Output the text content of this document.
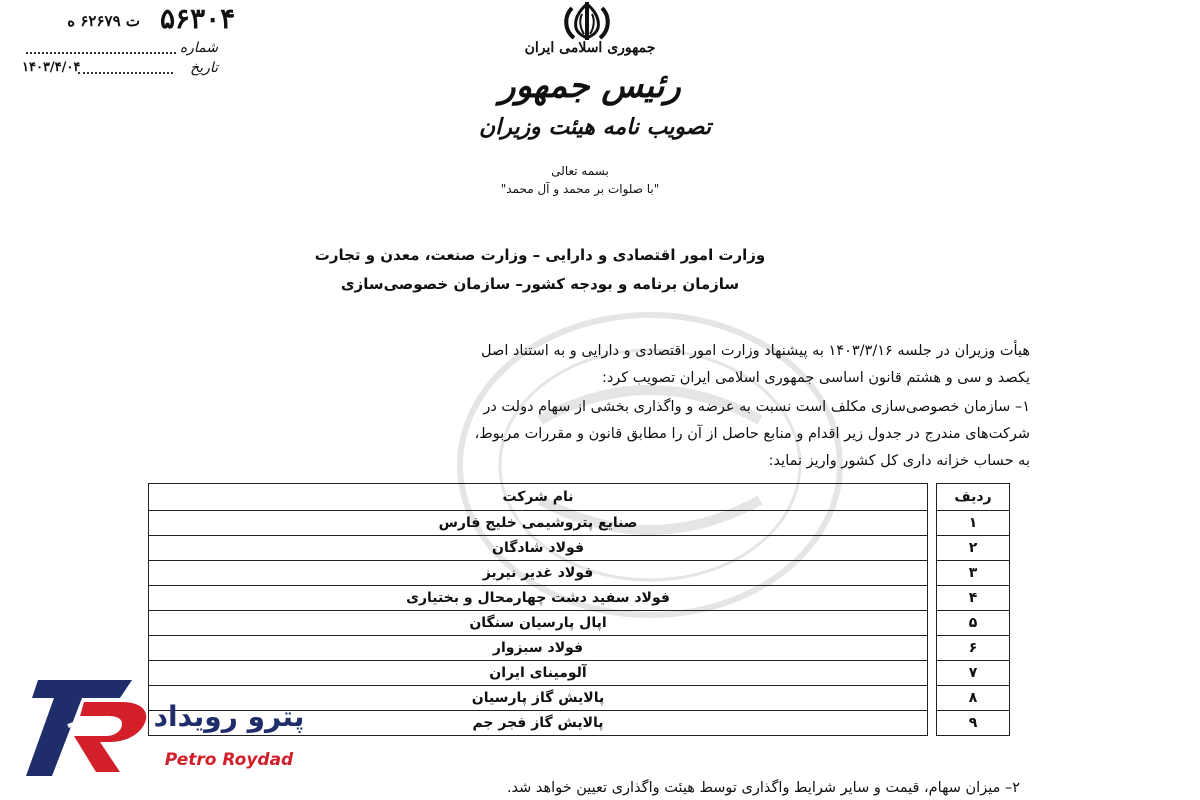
ت ۶۲۶۷۹ ه ۵۶۳۰۴
شماره
۱۴۰۳/۴/۰۴	تاریخ
جمهوری اسلامی ایران
رئیس جمهور
تصویب نامه هیئت وزیران
بسمه تعالی
"با صلوات بر محمد و آل محمد"
وزارت امور اقتصادی و دارایی – وزارت صنعت، معدن و تجارت
سازمان برنامه و بودجه کشور– سازمان خصوصی‌سازی
هیأت وزیران در جلسه ۱۴۰۳/۳/۱۶ به پیشنهاد وزارت امور اقتصادی و دارایی و به استناد اصل
یکصد و سی و هشتم قانون اساسی جمهوری اسلامی ایران تصویب کرد:
۱– سازمان خصوصی‌سازی مکلف است نسبت به عرضه و واگذاری بخشی از سهام دولت در
شرکت‌های مندرج در جدول زیر اقدام و منابع حاصل از آن را مطابق قانون و مقررات مربوط،
به حساب خزانه داری کل کشور واریز نماید:
ردیف		نام شرکت
۱		صنایع پتروشیمی خلیج فارس
۲		فولاد شادگان
۳		فولاد غدیر نیریز
۴		فولاد سفید دشت چهارمحال و بختیاری
۵		اپال پارسیان سنگان
۶		فولاد سبزوار
۷		آلومینای ایران
۸		پالایش گاز پارسیان
۹		پالایش گاز فجر جم
۲– میزان سهام، قیمت و سایر شرایط واگذاری توسط هیئت واگذاری تعیین خواهد شد.
پترو رویداد
Petro Roydad
